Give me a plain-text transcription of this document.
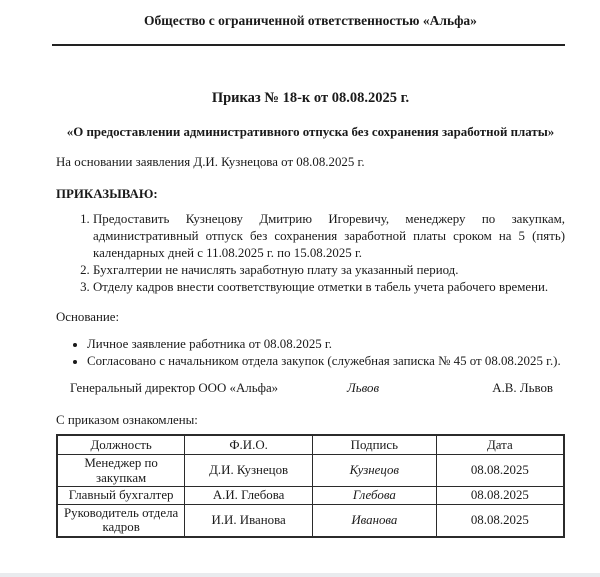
Общество с ограниченной ответственностью «Альфа»
Приказ № 18-к от 08.08.2025 г.
«О предоставлении административного отпуска без сохранения заработной платы»

На основании заявления Д.И. Кузнецова от 08.08.2025 г.

ПРИКАЗЫВАЮ:

1. Предоставить Кузнецову Дмитрию Игоревичу, менеджеру по закупкам, административный отпуск без сохранения заработной платы сроком на 5 (пять) календарных дней с 11.08.2025 г. по 15.08.2025 г.
2. Бухгалтерии не начислять заработную плату за указанный период.
3. Отделу кадров внести соответствующие отметки в табель учета рабочего времени.

Основание:

• Личное заявление работника от 08.08.2025 г.
• Согласовано с начальником отдела закупок (служебная записка № 45 от 08.08.2025 г.).
Генеральный директор ООО «Альфа»	Львов	А.В. Львов

С приказом ознакомлены:

Должность	Ф.И.О.	Подпись	Дата
Менеджер по закупкам	Д.И. Кузнецов	Кузнецов	08.08.2025
Главный бухгалтер	А.И. Глебова	Глебова	08.08.2025
Руководитель отдела кадров	И.И. Иванова	Иванова	08.08.2025
